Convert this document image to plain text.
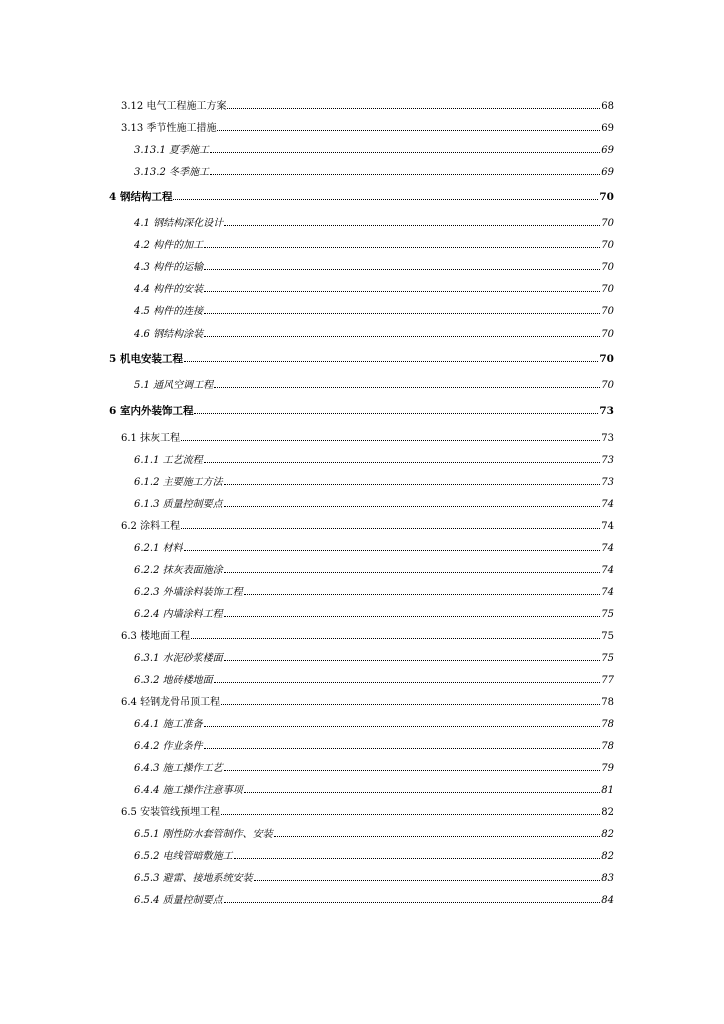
3.12 电气工程施工方案	68
3.13 季节性施工措施	69
3.13.1 夏季施工	69
3.13.2 冬季施工	69
4 钢结构工程	70
4.1 钢结构深化设计	70
4.2 构件的加工	70
4.3 构件的运输	70
4.4 构件的安装	70
4.5 构件的连接	70
4.6 钢结构涂装	70
5 机电安装工程	70
5.1 通风空调工程	70
6 室内外装饰工程	73
6.1 抹灰工程	73
6.1.1 工艺流程	73
6.1.2 主要施工方法	73
6.1.3 质量控制要点	74
6.2 涂料工程	74
6.2.1 材料	74
6.2.2 抹灰表面施涂	74
6.2.3 外墙涂料装饰工程	74
6.2.4 内墙涂料工程	75
6.3 楼地面工程	75
6.3.1 水泥砂浆楼面	75
6.3.2 地砖楼地面	77
6.4 轻钢龙骨吊顶工程	78
6.4.1 施工准备	78
6.4.2 作业条件	78
6.4.3 施工操作工艺	79
6.4.4 施工操作注意事项	81
6.5 安装管线预埋工程	82
6.5.1 刚性防水套管制作、安装	82
6.5.2 电线管暗敷施工	82
6.5.3 避雷、接地系统安装	83
6.5.4 质量控制要点	84
